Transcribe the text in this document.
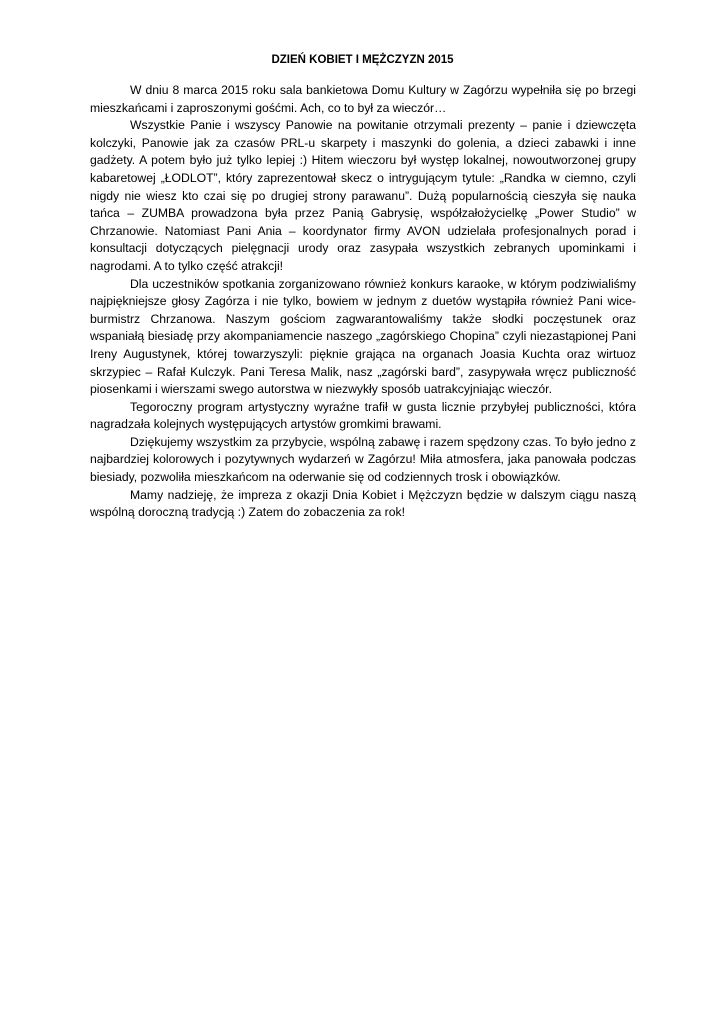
DZIEŃ KOBIET I MĘŻCZYZN 2015

W dniu 8 marca 2015 roku sala bankietowa Domu Kultury w Zagórzu wypełniła się po brzegi mieszkańcami i zaproszonymi gośćmi. Ach, co to był za wieczór…

Wszystkie Panie i wszyscy Panowie na powitanie otrzymali prezenty – panie i dziewczęta kolczyki, Panowie jak za czasów PRL-u skarpety i maszynki do golenia, a dzieci zabawki i inne gadżety. A potem było już tylko lepiej :) Hitem wieczoru był występ lokalnej, nowoutworzonej grupy kabaretowej „ŁODLOT”, który zaprezentował skecz o intrygującym tytule: „Randka w ciemno, czyli nigdy nie wiesz kto czai się po drugiej strony parawanu”. Dużą popularnością cieszyła się nauka tańca – ZUMBA prowadzona była przez Panią Gabrysię, współzałożycielkę „Power Studio” w Chrzanowie. Natomiast Pani Ania – koordynator firmy AVON udzielała profesjonalnych porad i konsultacji dotyczących pielęgnacji urody oraz zasypała wszystkich zebranych upominkami i nagrodami. A to tylko część atrakcji!

Dla uczestników spotkania zorganizowano również konkurs karaoke, w którym podziwialiśmy najpiękniejsze głosy Zagórza i nie tylko, bowiem w jednym z duetów wystąpiła również Pani wice-burmistrz Chrzanowa. Naszym gościom zagwarantowaliśmy także słodki poczęstunek oraz wspaniałą biesiadę przy akompaniamencie naszego „zagórskiego Chopina” czyli niezastąpionej Pani Ireny Augustynek, której towarzyszyli: pięknie grająca na organach Joasia Kuchta oraz wirtuoz skrzypiec – Rafał Kulczyk. Pani Teresa Malik, nasz „zagórski bard”, zasypywała wręcz publiczność piosenkami i wierszami swego autorstwa w niezwykły sposób uatrakcyjniając wieczór.

Tegoroczny program artystyczny wyraźne trafił w gusta licznie przybyłej publiczności, która nagradzała kolejnych występujących artystów gromkimi brawami.

Dziękujemy wszystkim za przybycie, wspólną zabawę i razem spędzony czas. To było jedno z najbardziej kolorowych i pozytywnych wydarzeń w Zagórzu! Miła atmosfera, jaka panowała podczas biesiady, pozwoliła mieszkańcom na oderwanie się od codziennych trosk i obowiązków.

Mamy nadzieję, że impreza z okazji Dnia Kobiet i Mężczyzn będzie w dalszym ciągu naszą wspólną doroczną tradycją :) Zatem do zobaczenia za rok!
